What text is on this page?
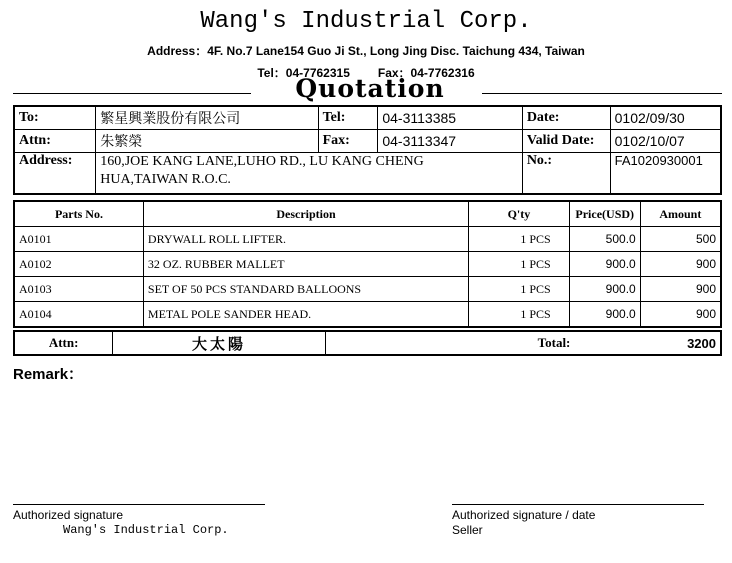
Wang's Industrial Corp.
Address：4F. No.7 Lane154 Guo Ji St., Long Jing Disc. Taichung 434, Taiwan
Tel：04-7762315 Fax：04-7762316
Quotation
To:	繁星興業股份有限公司	Tel:	04-3113385	Date:	0102/09/30
Attn:	朱繁榮	Fax:	04-3113347	Valid Date:	0102/10/07
Address:	160,JOE KANG LANE,LUHO RD., LU KANG CHENG
HUA,TAIWAN R.O.C.			No.:	FA1020930001
Parts No.	Description	Q'ty	Price(USD)	Amount
A0101	DRYWALL ROLL LIFTER.	1 PCS	500.0	500
A0102	32 OZ. RUBBER MALLET	1 PCS	900.0	900
A0103	SET OF 50 PCS STANDARD BALLOONS	1 PCS	900.0	900
A0104	METAL POLE SANDER HEAD.	1 PCS	900.0	900
Attn:	大太陽	Total:	3200
Remark：
Authorized signature
Wang's Industrial Corp.
Authorized signature / date
Seller
